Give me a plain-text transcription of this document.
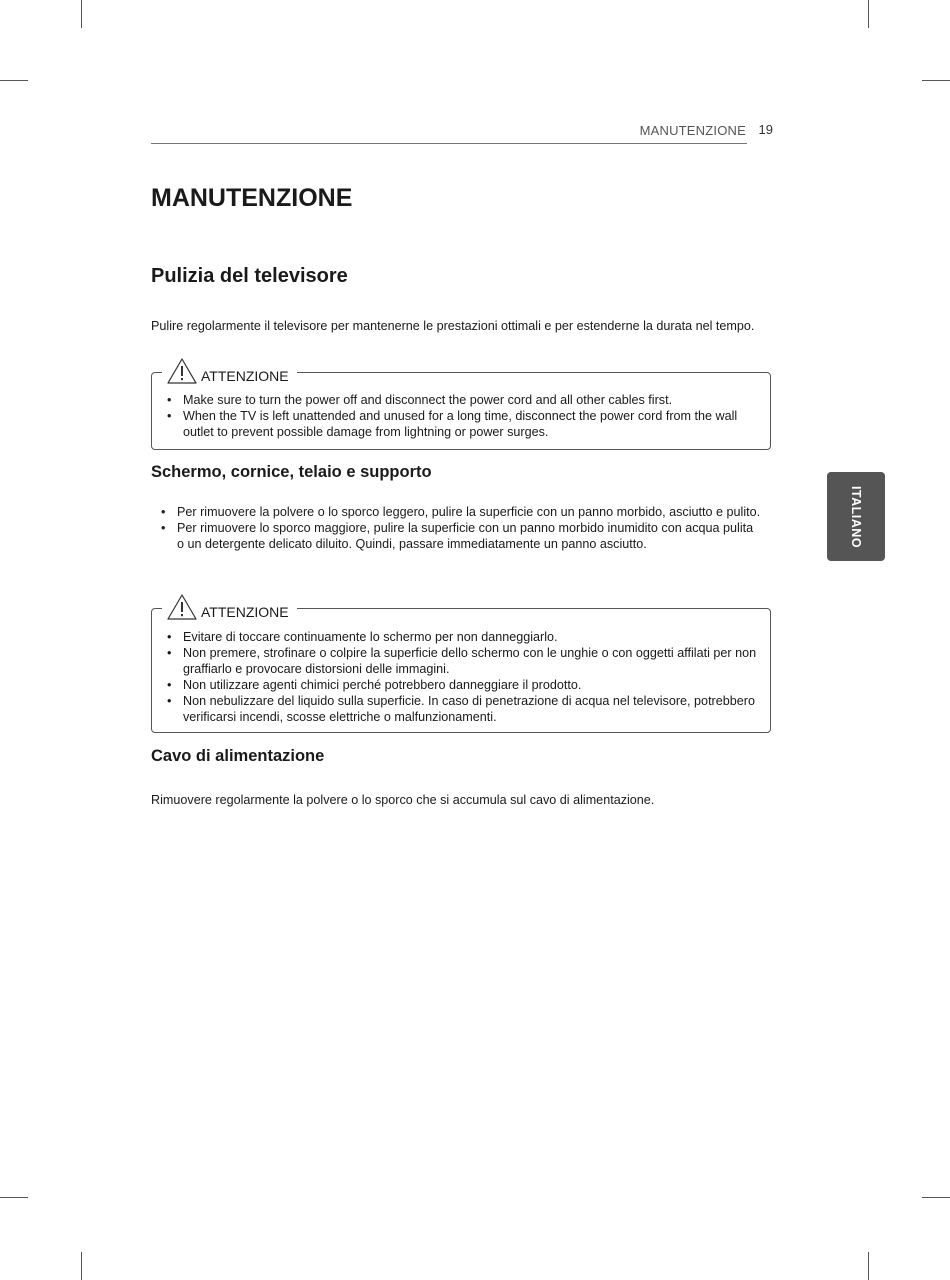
MANUTENZIONE 19
MANUTENZIONE
Pulizia del televisore

Pulire regolarmente il televisore per mantenerne le prestazioni ottimali e per estenderne la durata nel tempo.

ATTENZIONE
• Make sure to turn the power off and disconnect the power cord and all other cables first.
• When the TV is left unattended and unused for a long time, disconnect the power cord from the wall outlet to prevent possible damage from lightning or power surges.
Schermo, cornice, telaio e supporto
• Per rimuovere la polvere o lo sporco leggero, pulire la superficie con un panno morbido, asciutto e pulito.
• Per rimuovere lo sporco maggiore, pulire la superficie con un panno morbido inumidito con acqua pulita o un detergente delicato diluito. Quindi, passare immediatamente un panno asciutto.
ATTENZIONE
• Evitare di toccare continuamente lo schermo per non danneggiarlo.
• Non premere, strofinare o colpire la superficie dello schermo con le unghie o con oggetti affilati per non graffiarlo e provocare distorsioni delle immagini.
• Non utilizzare agenti chimici perché potrebbero danneggiare il prodotto.
• Non nebulizzare del liquido sulla superficie. In caso di penetrazione di acqua nel televisore, potrebbero verificarsi incendi, scosse elettriche o malfunzionamenti.
Cavo di alimentazione

Rimuovere regolarmente la polvere o lo sporco che si accumula sul cavo di alimentazione.

ITALIANO
